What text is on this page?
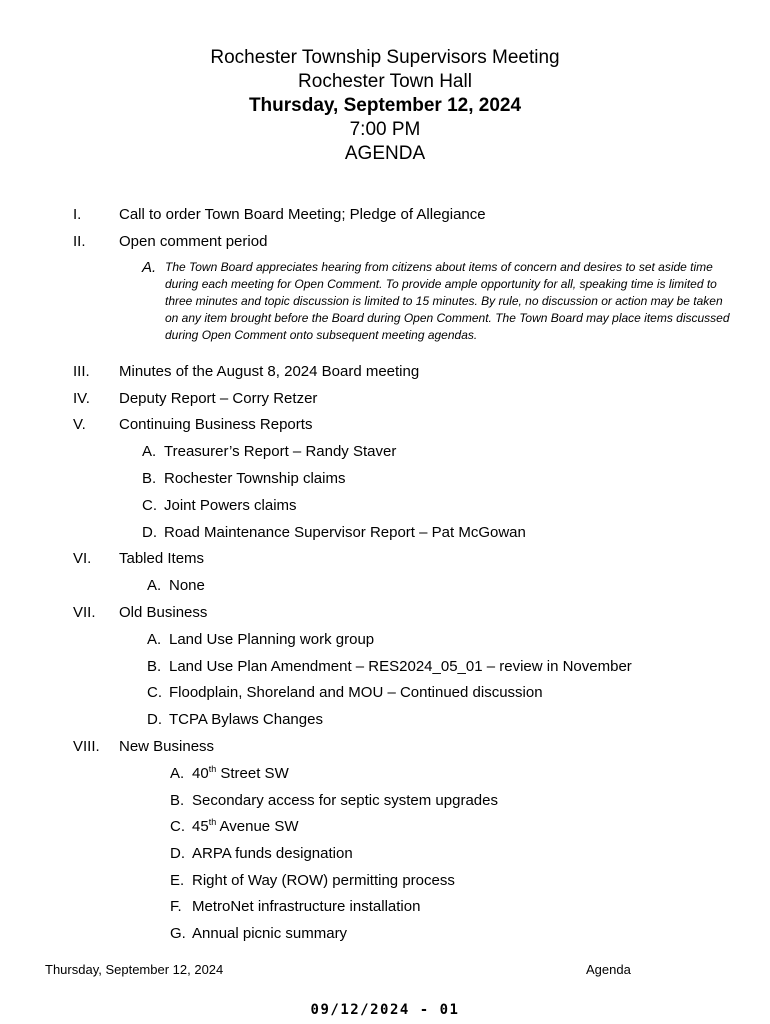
Rochester Township Supervisors Meeting
Rochester Town Hall
Thursday, September 12, 2024
7:00 PM
AGENDA
I.	Call to order Town Board Meeting; Pledge of Allegiance
II. Open comment period
A. The Town Board appreciates hearing from citizens about items of concern and desires to set aside time during each meeting for Open Comment. To provide ample opportunity for all, speaking time is limited to three minutes and topic discussion is limited to 15 minutes. By rule, no discussion or action may be taken on any item brought before the Board during Open Comment. The Town Board may place items discussed during Open Comment onto subsequent meeting agendas.
III. Minutes of the August 8, 2024 Board meeting
IV. Deputy Report – Corry Retzer
V. Continuing Business Reports
A. Treasurer’s Report – Randy Staver
B. Rochester Township claims
C. Joint Powers claims
D. Road Maintenance Supervisor Report – Pat McGowan
VI. Tabled Items
A. None
VII. Old Business
A. Land Use Planning work group
B. Land Use Plan Amendment – RES2024_05_01 – review in November
C. Floodplain, Shoreland and MOU – Continued discussion
D. TCPA Bylaws Changes
VIII. New Business
A. 40th Street SW
B. Secondary access for septic system upgrades
C. 45th Avenue SW
D. ARPA funds designation
E. Right of Way (ROW) permitting process
F. MetroNet infrastructure installation
G. Annual picnic summary
Thursday, September 12, 2024	Agenda
09/12/2024 - 01
